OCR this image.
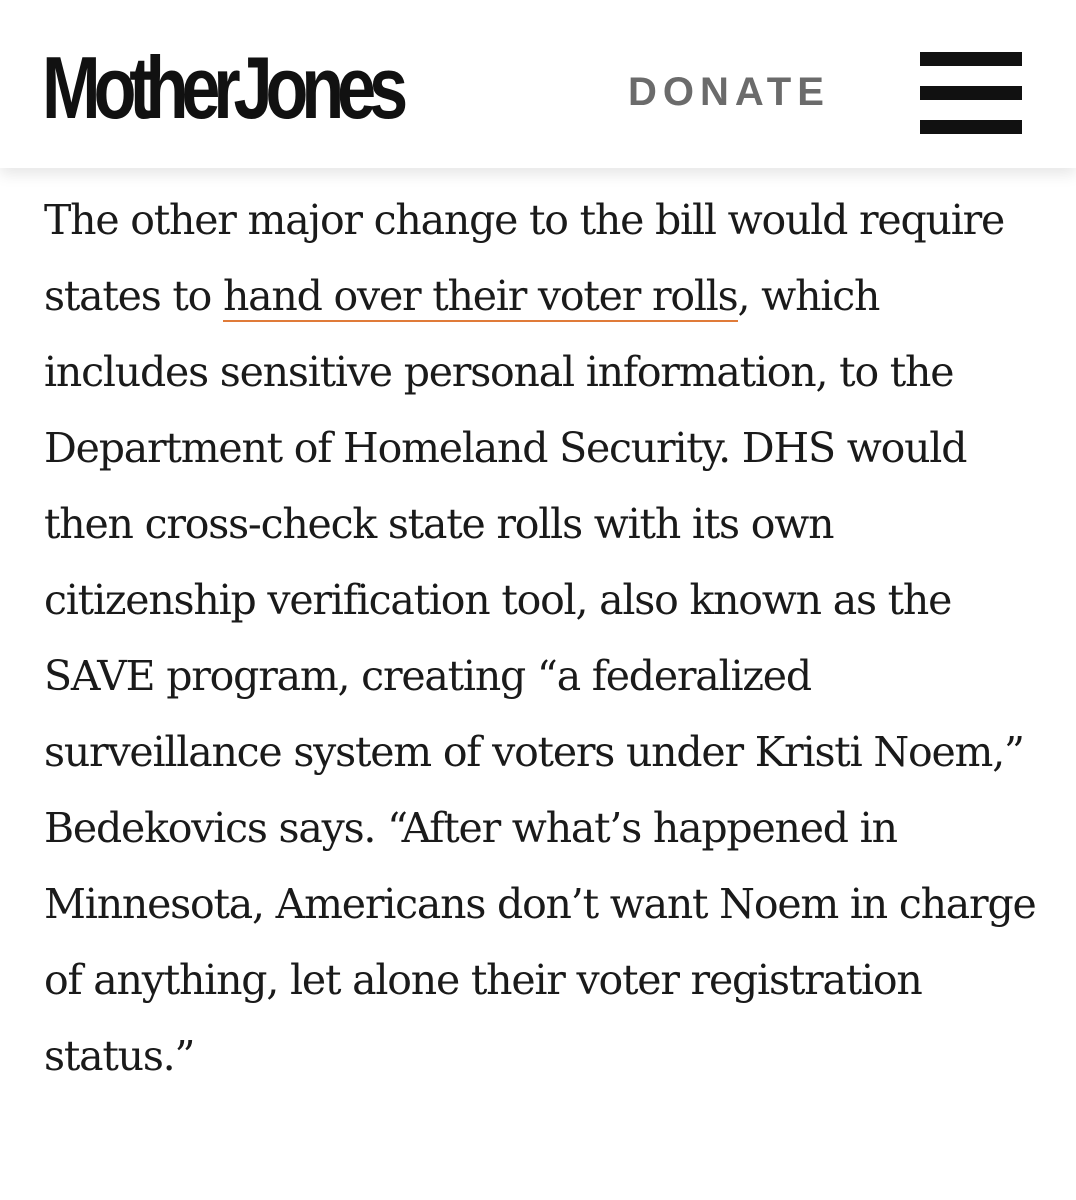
MotherJones	DONATE

The other major change to the bill would require states to hand over their voter rolls, which includes sensitive personal information, to the Department of Homeland Security. DHS would then cross-check state rolls with its own citizenship verification tool, also known as the SAVE program, creating “a federalized surveillance system of voters under Kristi Noem,” Bedekovics says. “After what’s happened in Minnesota, Americans don’t want Noem in charge of anything, let alone their voter registration status.”
